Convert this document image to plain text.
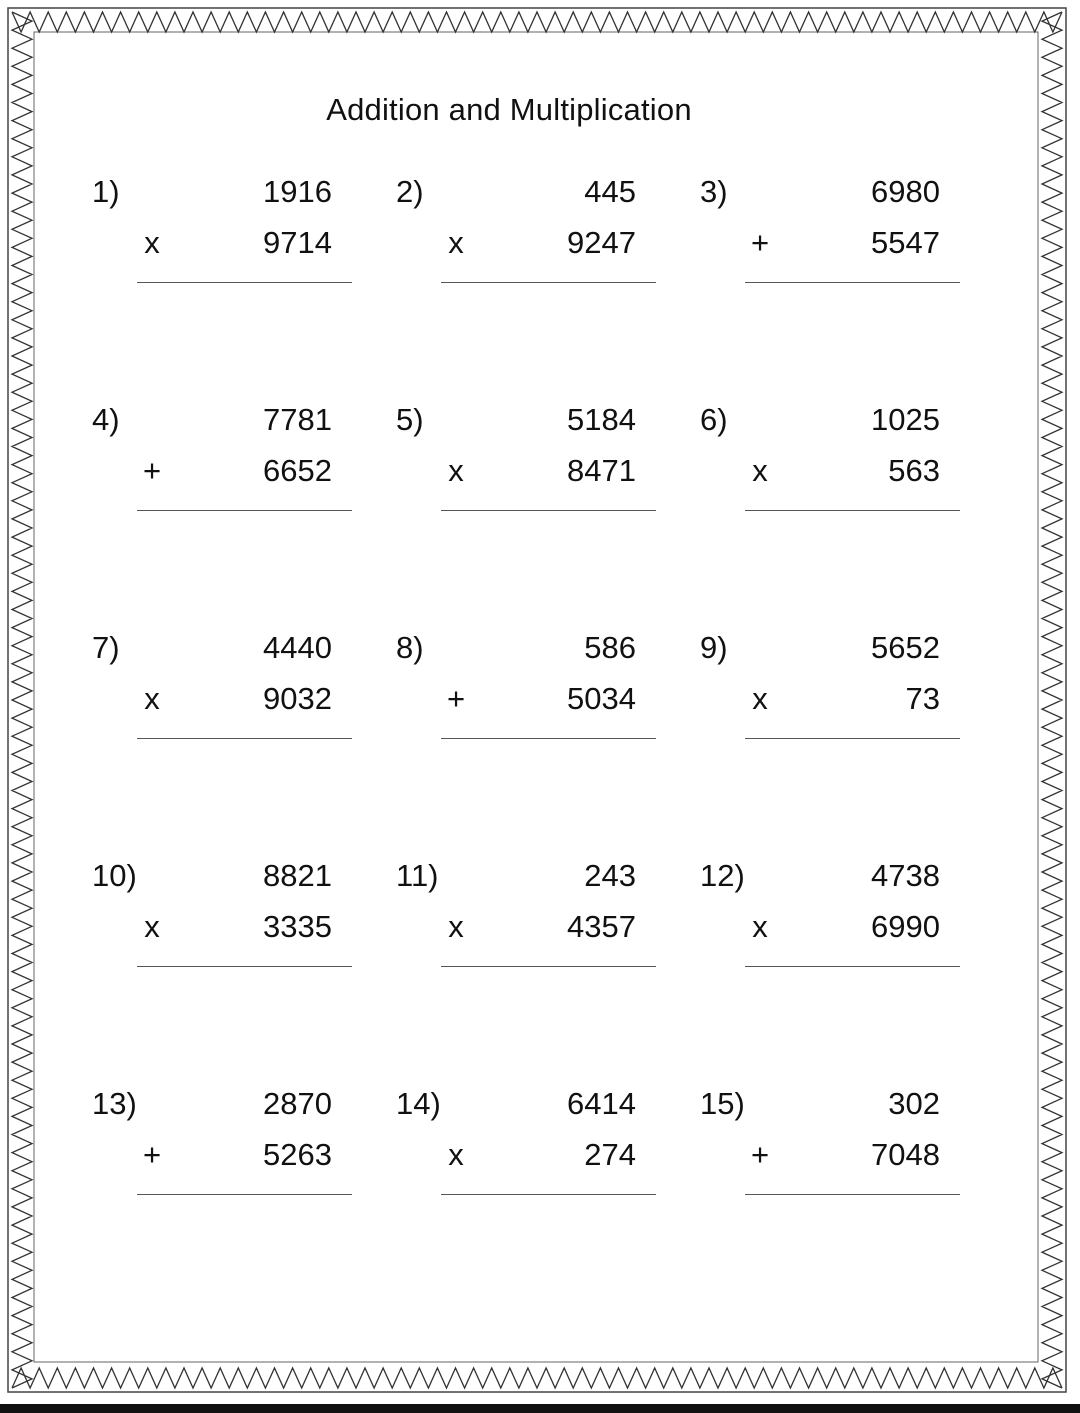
Addition and Multiplication
1)	1916
x	9714
2)	445
x	9247
3)	6980
+	5547
4)	7781
+	6652
5)	5184
x	8471
6)	1025
x	563
7)	4440
x	9032
8)	586
+	5034
9)	5652
x	73
10)	8821
x	3335
11)	243
x	4357
12)	4738
x	6990
13)	2870
+	5263
14)	6414
x	274
15)	302
+	7048
